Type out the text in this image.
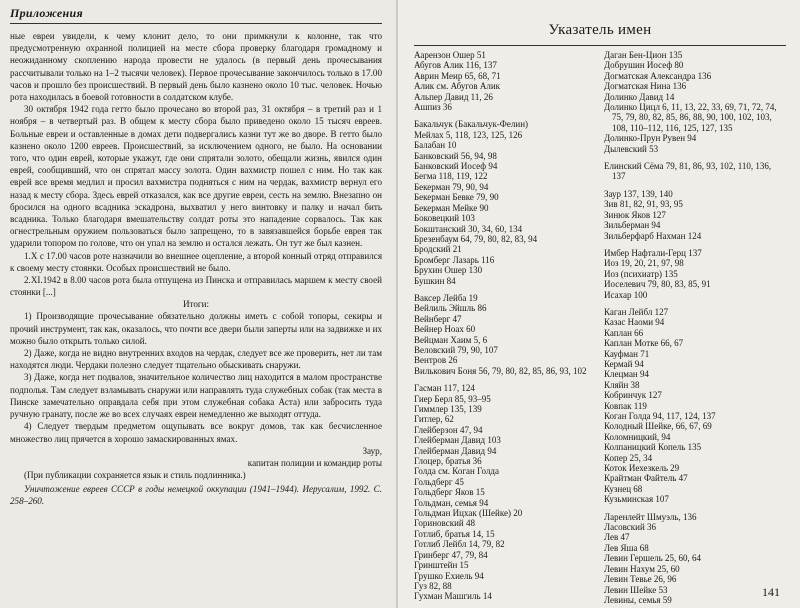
Приложения

ные евреи увидели, к чему клонит дело, то они примкнули к колонне, так что предусмотренную охранной полицией на месте сбора проверку благодаря громадному и неожиданному скоплению народа провести не удалось (в первый день прочесывания рассчитывали только на 1–2 тысячи человек). Первое прочесывание закончилось только в 17.00 часов и прошло без происшествий. В первый день было казнено около 10 тыс. человек. Ночью рота находилась в боевой готовности в солдатском клубе.

30 октября 1942 года гетто было прочесано во второй раз, 31 октября – в третий раз и 1 ноября – в четвертый раз. В общем к месту сбора было приведено около 15 тысяч евреев. Больные евреи и оставленные в домах дети подвергались казни тут же во дворе. В гетто было казнено около 1200 евреев. Происшествий, за исключением одного, не было. На основании того, что один еврей, которые укажут, где они спрятали золото, обещали жизнь, явился один еврей, сообщивший, что он спрятал массу золота. Один вахмистр пошел с ним. Но так как еврей все время медлил и просил вахмистра подняться с ним на чердак, вахмистр вернул его назад к месту сбора. Здесь еврей отказался, как все другие евреи, сесть на землю. Внезапно он бросился на одного всадника эскадрона, выхватил у него винтовку и палку и начал бить всадника. Только благодаря вмешательству солдат роты это нападение сорвалось. Так как огнестрельным оружием пользоваться было запрещено, то в завязавшейся борьбе еврея так ударили топором по голове, что он упал на землю и остался лежать. Он тут же был казнен.

1.Х с 17.00 часов роте назначили во внешнее оцепление, а второй конный отряд отправился к своему месту стоянки. Особых происшествий не было.

2.XI.1942 в 8.00 часов рота была отпущена из Пинска и отправилась маршем к месту своей стоянки [...]

Итоги:

1) Производящие прочесывание обязательно должны иметь с собой топоры, секиры и прочий инструмент, так как, оказалось, что почти все двери были заперты или на задвижке и их можно было открыть только силой.

2) Даже, когда не видно внутренних входов на чердак, следует все же проверить, нет ли там находятся люди. Чердаки полезно следует тщательно обыскивать снаружи.

3) Даже, когда нет подвалов, значительное количество лиц находится в малом пространстве подполья. Там следует взламывать снаружи или направлять туда служебных собак (так места в Пинске замечательно оправдала себя при этом служебная собака Аста) или забросить туда ручную гранату, после же во всех случаях евреи немедленно же выходят оттуда.

4) Следует твердым предметом ощупывать все вокруг домов, так как бесчисленное множество лиц прячется в хорошо замаскированных ямах.

Заур,

капитан полиции и командир роты

(При публикации сохраняется язык и стиль подлинника.)

Уничтожение евреев СССР в годы немецкой оккупации (1941–1944). Иерусалим, 1992. С. 258–260.

Указатель имен

Аарензон Ошер 51

Абугов Алик 116, 137

Аврин Меир 65, 68, 71

Алик см. Абугов Алик

Альпер Давид 11, 26

Ашпиз 36

Бакальчук (Бакальчук-Фелин)

Мейлах 5, 118, 123, 125, 126

Балабан 10

Банковский 56, 94, 98

Банковский Иосеф 94

Бегма 118, 119, 122

Бекерман 79, 90, 94

Бекерман Бевке 79, 90

Бекерман Мейке 90

Боковецкий 103

Бокштанский 30, 34, 60, 134

Брезенбаум 64, 79, 80, 82, 83, 94

Бродский 21

Бромберг Лазарь 116

Брухин Ошер 130

Бушкин 84

Ваксер Лейба 19

Вейлиль Эйшль 86

Вейнберг 47

Вейнер Ноах 60

Вейцман Хаим 5, 6

Веловский 79, 90, 107

Вентров 26

Вилькович Боня 56, 79, 80, 82, 85, 86, 93, 102

Гасман 117, 124

Гиер Берл 85, 93–95

Гиммлер 135, 139

Гитлер, 62

Глейберзон 47, 94

Глейберман Давид 103

Глейберман Давид 94

Глоцер, братья 36

Голда см. Коган Голда

Гольдберг 45

Гольдберг Яков 15

Гольдман, семья 94

Гольдман Ицхак (Шейке) 20

Гориновский 48

Готлиб, братья 14, 15

Готлиб Лейбл 14, 79, 82

Гринберг 47, 79, 84

Гринштейн 15

Грушко Ехиель 94

Гуз 82, 88

Гухман Машгиль 14

Даган Бен-Цион 135

Добрушин Иосеф 80

Догматская Александра 136

Догматская Нина 136

Долинко Давид 14

Долинко Цицл 6, 11, 13, 22, 33, 69, 71, 72, 74, 75, 79, 80, 82, 85, 86, 88, 90, 100, 102, 103, 108, 110–112, 116, 125, 127, 135

Долинко-Прун Рувен 94

Дылевский 53

Елинский Сёма 79, 81, 86, 93, 102, 110, 136, 137

Заур 137, 139, 140

Зив 81, 82, 91, 93, 95

Зинюк Яков 127

Зильберман 94

Зильберфарб Нахман 124

Имбер Нафтали-Герц 137

Иоз 19, 20, 21, 97, 98

Иоз (психиатр) 135

Иоселевич 79, 80, 83, 85, 91

Исахар 100

Каган Лейбл 127

Казас Наоми 94

Каплан 66

Каплан Мотке 66, 67

Кауфман 71

Кермай 94

Клецман 94

Кляйн 38

Кобринчук 127

Ковпак 119

Коган Голда 94, 117, 124, 137

Колодный Шейке, 66, 67, 69

Коломницкий, 94

Колпаницкий Копель 135

Копер 25, 34

Коток Иехезкель 29

Крайтман Файтель 47

Кузнец 68

Кузьминская 107

Лаpeнлейт Шмуэль, 136

Ласовский 36

Лев 47

Лев Яша 68

Левин Гершель 25, 60, 64

Левин Нахум 25, 60

Левин Тевье 26, 96

Левин Шейке 53

Левины, семья 59

141
